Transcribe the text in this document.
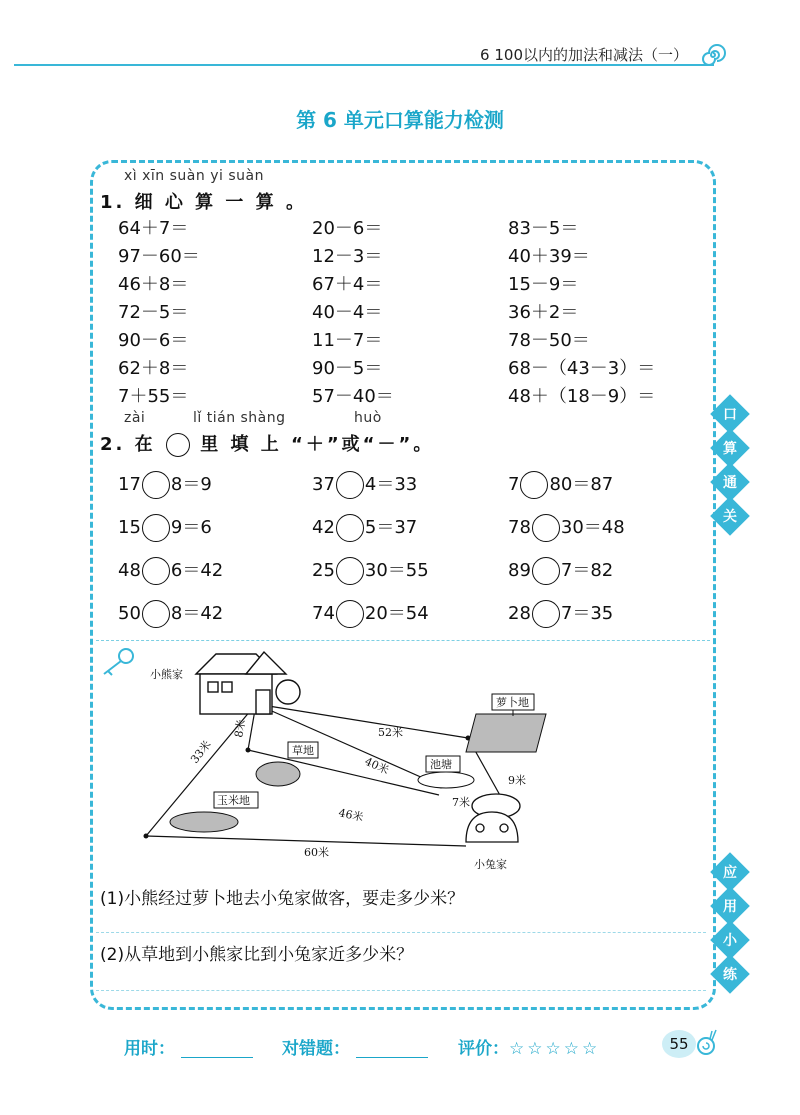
6 100以内的加法和减法（一）
第 6 单元口算能力检测
xì xīn suàn yi suàn
1. 细 心 算 一 算 。
64＋7＝	20－6＝	83－5＝
97－60＝	12－3＝	40＋39＝
46＋8＝	67＋4＝	15－9＝
72－5＝	40－4＝	36＋2＝
90－6＝	11－7＝	78－50＝
62＋8＝	90－5＝	68－（43－3）＝
7＋55＝	57－40＝	48＋（18－9）＝
zài	lǐ tián shàng	huò
2. 在 里 填 上 “＋”或“－”。
17 8＝9	37 4＝33	7 80＝87
15 9＝6	42 5＝37	78 30＝48
48 6＝42	25 30＝55	89 7＝82
50 8＝42	74 20＝54	28 7＝35
口
算
通
关
应
用
小
练
小熊家
萝卜地
草地
池塘
玉米地
小兔家
52米
33米
8米
40米
9米
7米
46米
60米
(1)小熊经过萝卜地去小兔家做客，要走多少米？
(2)从草地到小熊家比到小兔家近多少米？
用时：	对错题：	评价：☆☆☆☆☆	55
